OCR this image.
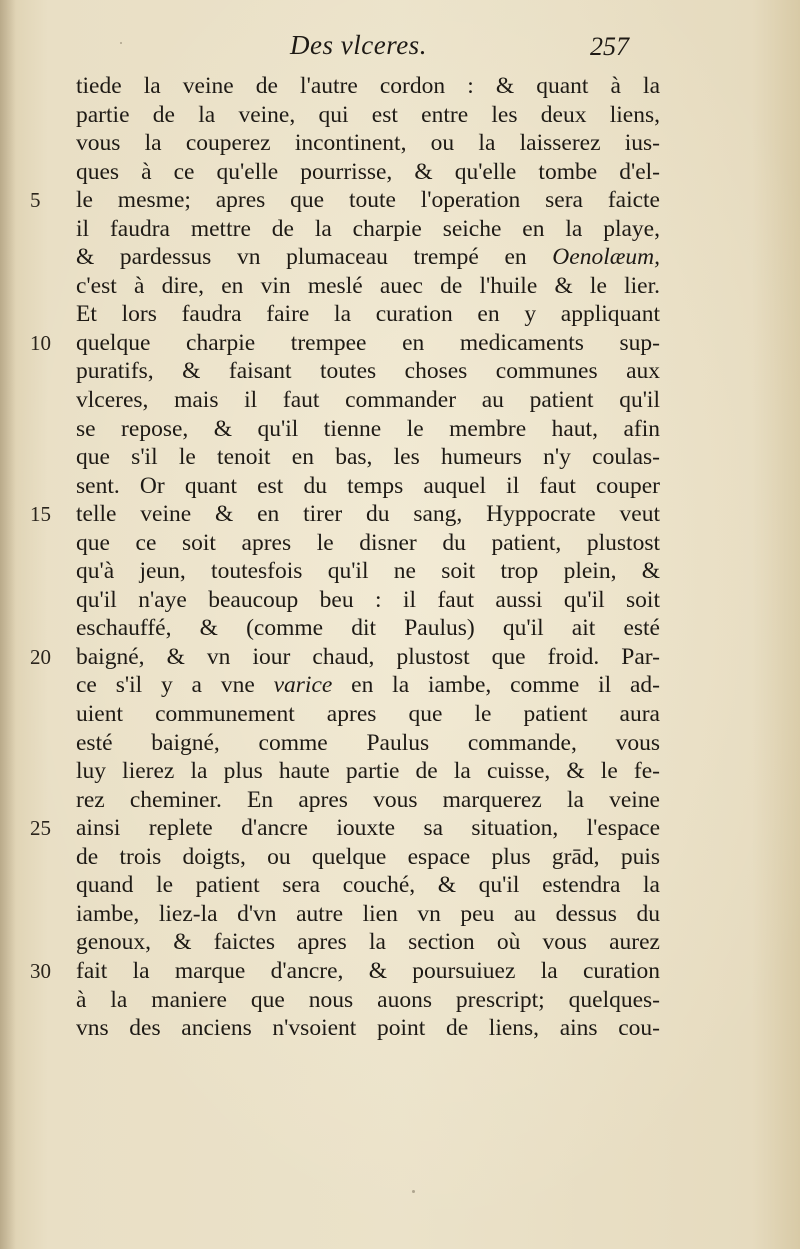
Des vlceres.	257
tiede la veine de l'autre cordon : & quant à la
partie de la veine, qui est entre les deux liens,
vous la couperez incontinent, ou la laisserez ius-
ques à ce qu'elle pourrisse, & qu'elle tombe d'el-
5	le mesme; apres que toute l'operation sera faicte
il faudra mettre de la charpie seiche en la playe,
& pardessus vn plumaceau trempé en Oenolæum,
c'est à dire, en vin meslé auec de l'huile & le lier.
Et lors faudra faire la curation en y appliquant
10 quelque charpie trempee en medicaments sup-
puratifs, & faisant toutes choses communes aux
vlceres, mais il faut commander au patient qu'il
se repose, & qu'il tienne le membre haut, afin
que s'il le tenoit en bas, les humeurs n'y coulas-
sent. Or quant est du temps auquel il faut couper
15 telle veine & en tirer du sang, Hyppocrate veut
que ce soit apres le disner du patient, plustost
qu'à jeun, toutesfois qu'il ne soit trop plein, &
qu'il n'aye beaucoup beu : il faut aussi qu'il soit
eschauffé, & (comme dit Paulus) qu'il ait esté
20 baigné, & vn iour chaud, plustost que froid. Par-
ce s'il y a vne varice en la iambe, comme il ad-
uient communement apres que le patient aura
esté baigné, comme Paulus commande, vous
luy lierez la plus haute partie de la cuisse, & le fe-
rez cheminer. En apres vous marquerez la veine
25 ainsi replete d'ancre iouxte sa situation, l'espace
de trois doigts, ou quelque espace plus grād, puis
quand le patient sera couché, & qu'il estendra la
iambe, liez-la d'vn autre lien vn peu au dessus du
genoux, & faictes apres la section où vous aurez
30 fait la marque d'ancre, & poursuiuez la curation
à la maniere que nous auons prescript; quelques-
vns des anciens n'vsoient point de liens, ains cou-
